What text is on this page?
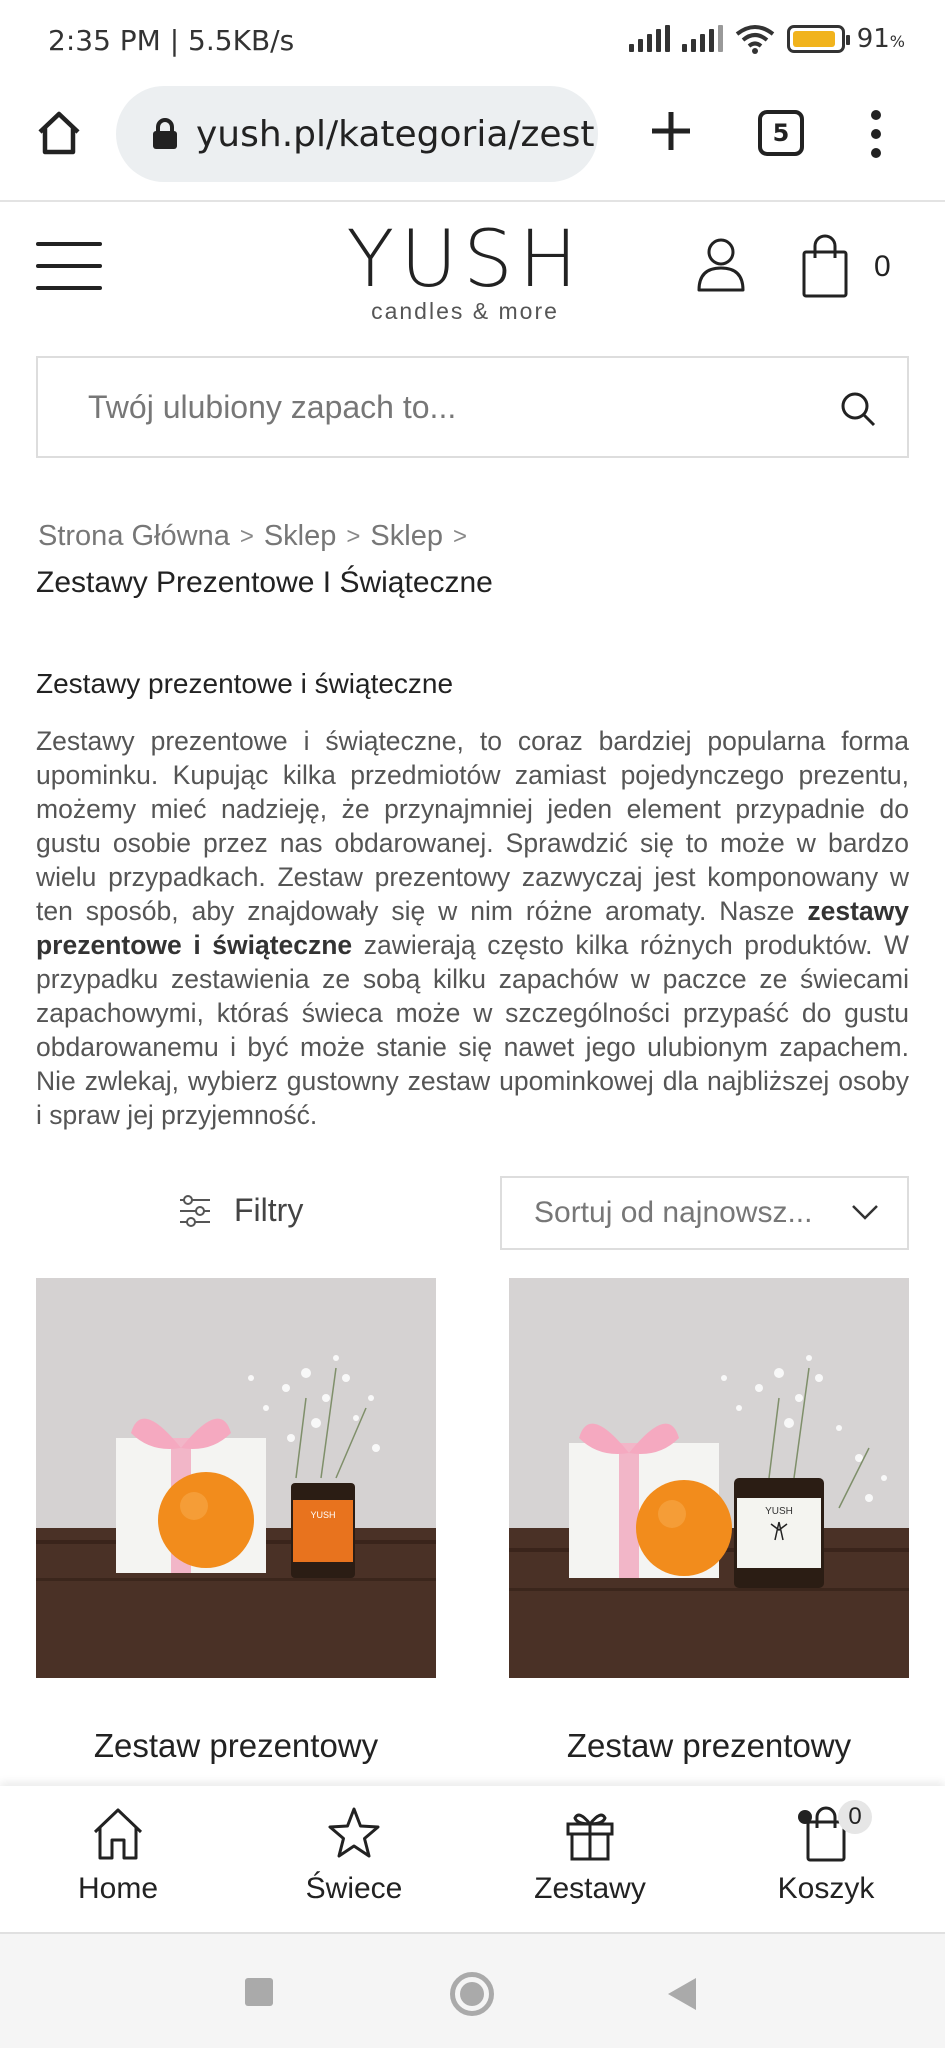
2:35 PM | 5.5KB/s	91%
yush.pl/kategoria/zest	5
YUSH
candles & more
0
Twój ulubiony zapach to...
Strona Główna > Sklep > Sklep >
Zestawy Prezentowe I Świąteczne
Zestawy prezentowe i świąteczne
Zestawy prezentowe i świąteczne, to coraz bardziej popularna forma upominku. Kupując kilka przedmiotów zamiast pojedynczego prezentu, możemy mieć nadzieję, że przynajmniej jeden element przypadnie do gustu osobie przez nas obdarowanej. Sprawdzić się to może w bardzo wielu przypadkach. Zestaw prezentowy zazwyczaj jest komponowany w ten sposób, aby znajdowały się w nim różne aromaty. Nasze zestawy prezentowe i świąteczne zawierają często kilka różnych produktów. W przypadku zestawienia ze sobą kilku zapachów w paczce ze świecami zapachowymi, któraś świeca może w szczególności przypaść do gustu obdarowanemu i być może stanie się nawet jego ulubionym zapachem. Nie zwlekaj, wybierz gustowny zestaw upominkowej dla najbliższej osoby i spraw jej przyjemność.
Filtry	Sortuj od najnowsz...
YUSH
Zestaw prezentowy
YUSH
Zestaw prezentowy
Home	Świece	Zestawy
0
Koszyk
